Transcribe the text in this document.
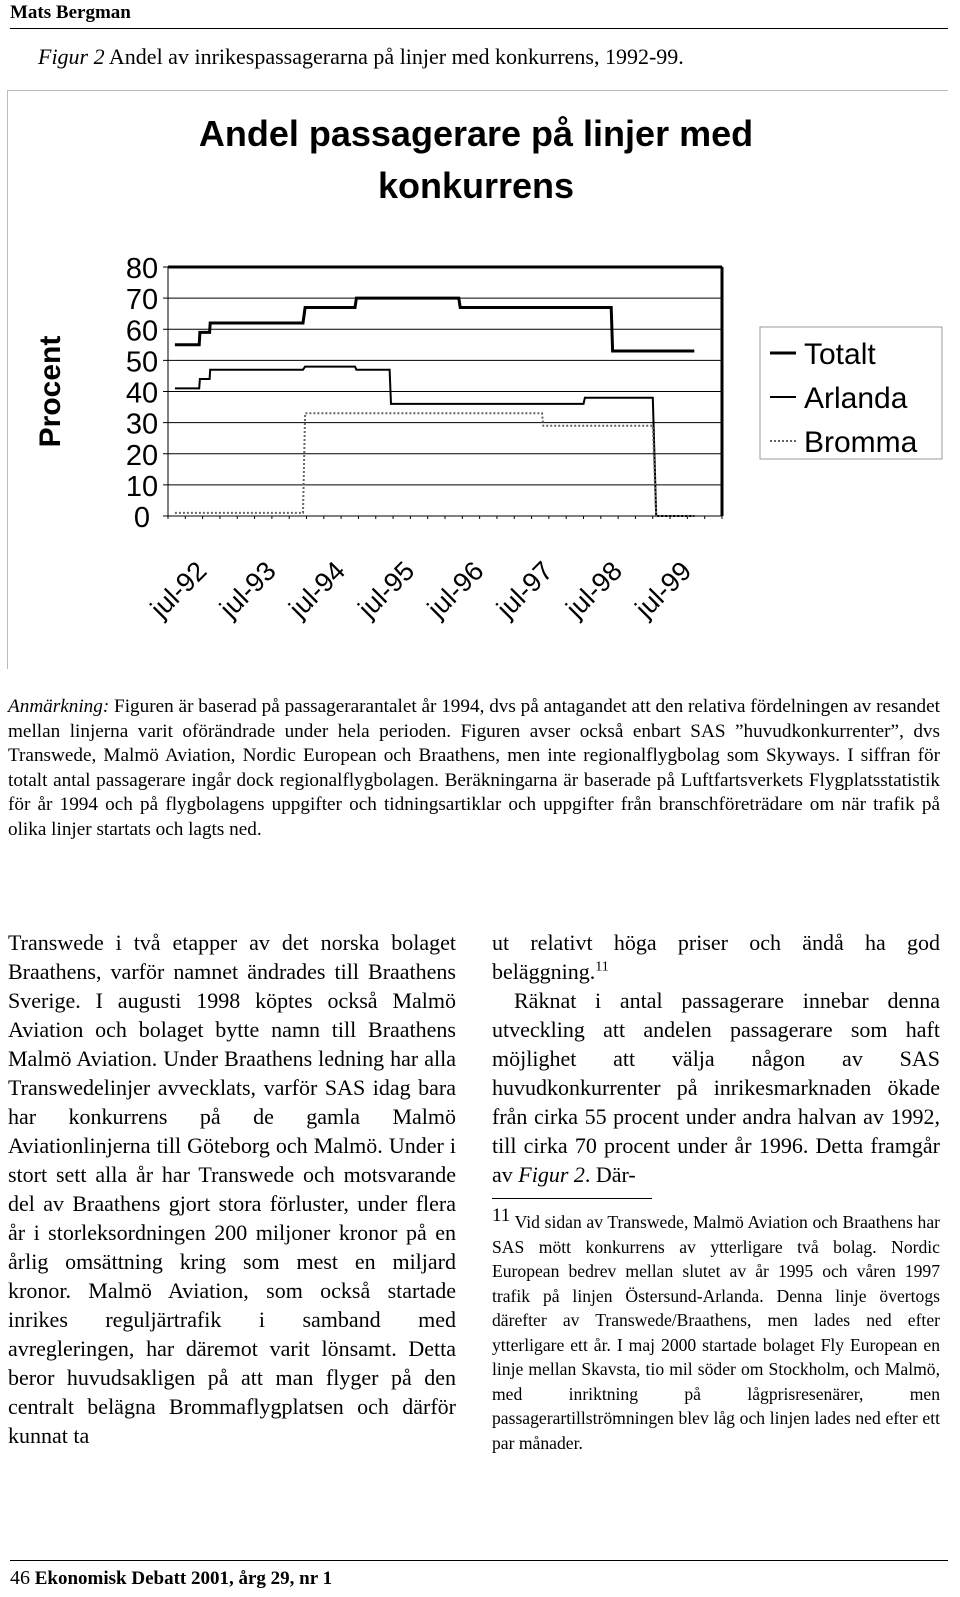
Mats Bergman
Figur 2 Andel av inrikespassagerarna på linjer med konkurrens, 1992-99.
Andel passagerare på linjer med
konkurrens
80
70
60
50
40
30
20
10
0
Procent
jul-92 jul-93 jul-94 jul-95 jul-96 jul-97 jul-98 jul-99
Totalt
Arlanda
Bromma
Anmärkning: Figuren är baserad på passagerarantalet år 1994, dvs på antagandet att den relativa fördelningen av resandet mellan linjerna varit oförändrade under hela perioden. Figuren avser också enbart SAS ”huvudkonkurrenter”, dvs Transwede, Malmö Aviation, Nordic European och Braathens, men inte regionalflygbolag som Skyways. I siffran för totalt antal passagerare ingår dock regionalflygbolagen. Beräkningarna är baserade på Luftfartsverkets Flygplatsstatistik för år 1994 och på flygbolagens uppgifter och tidningsartiklar och uppgifter från branschföreträdare om när trafik på olika linjer startats och lagts ned.

Transwede i två etapper av det norska bolaget Braathens, varför namnet ändrades till Braathens Sverige. I augusti 1998 köptes också Malmö Aviation och bolaget bytte namn till Braathens Malmö Aviation. Under Braathens ledning har alla Transwedelinjer avvecklats, varför SAS idag bara har konkurrens på de gamla Malmö Aviationlinjerna till Göteborg och Malmö. Under i stort sett alla år har Transwede och motsvarande del av Braathens gjort stora förluster, under flera år i storleksordningen 200 miljoner kronor på en årlig omsättning kring som mest en miljard kronor. Malmö Aviation, som också startade inrikes reguljärtrafik i samband med avregleringen, har däremot varit lönsamt. Detta beror huvudsakligen på att man flyger på den centralt belägna Brommaflygplatsen och därför kunnat ta

ut relativt höga priser och ändå ha god beläggning.$^{11}$

Räknat i antal passagerare innebar denna utveckling att andelen passagerare som haft möjlighet att välja någon av SAS huvudkonkurrenter på inrikesmarknaden ökade från cirka 55 procent under andra halvan av 1992, till cirka 70 procent under år 1996. Detta framgår av Figur 2. Där-

$^{11}$ Vid sidan av Transwede, Malmö Aviation och Braathens har SAS mött konkurrens av ytterligare två bolag. Nordic European bedrev mellan slutet av år 1995 och våren 1997 trafik på linjen Östersund-Arlanda. Denna linje övertogs därefter av Transwede/Braathens, men lades ned efter ytterligare ett år. I maj 2000 startade bolaget Fly European en linje mellan Skavsta, tio mil söder om Stockholm, och Malmö, med inriktning på lågprisresenärer, men passagerartillströmningen blev låg och linjen lades ned efter ett par månader.
46 Ekonomisk Debatt 2001, årg 29, nr 1
